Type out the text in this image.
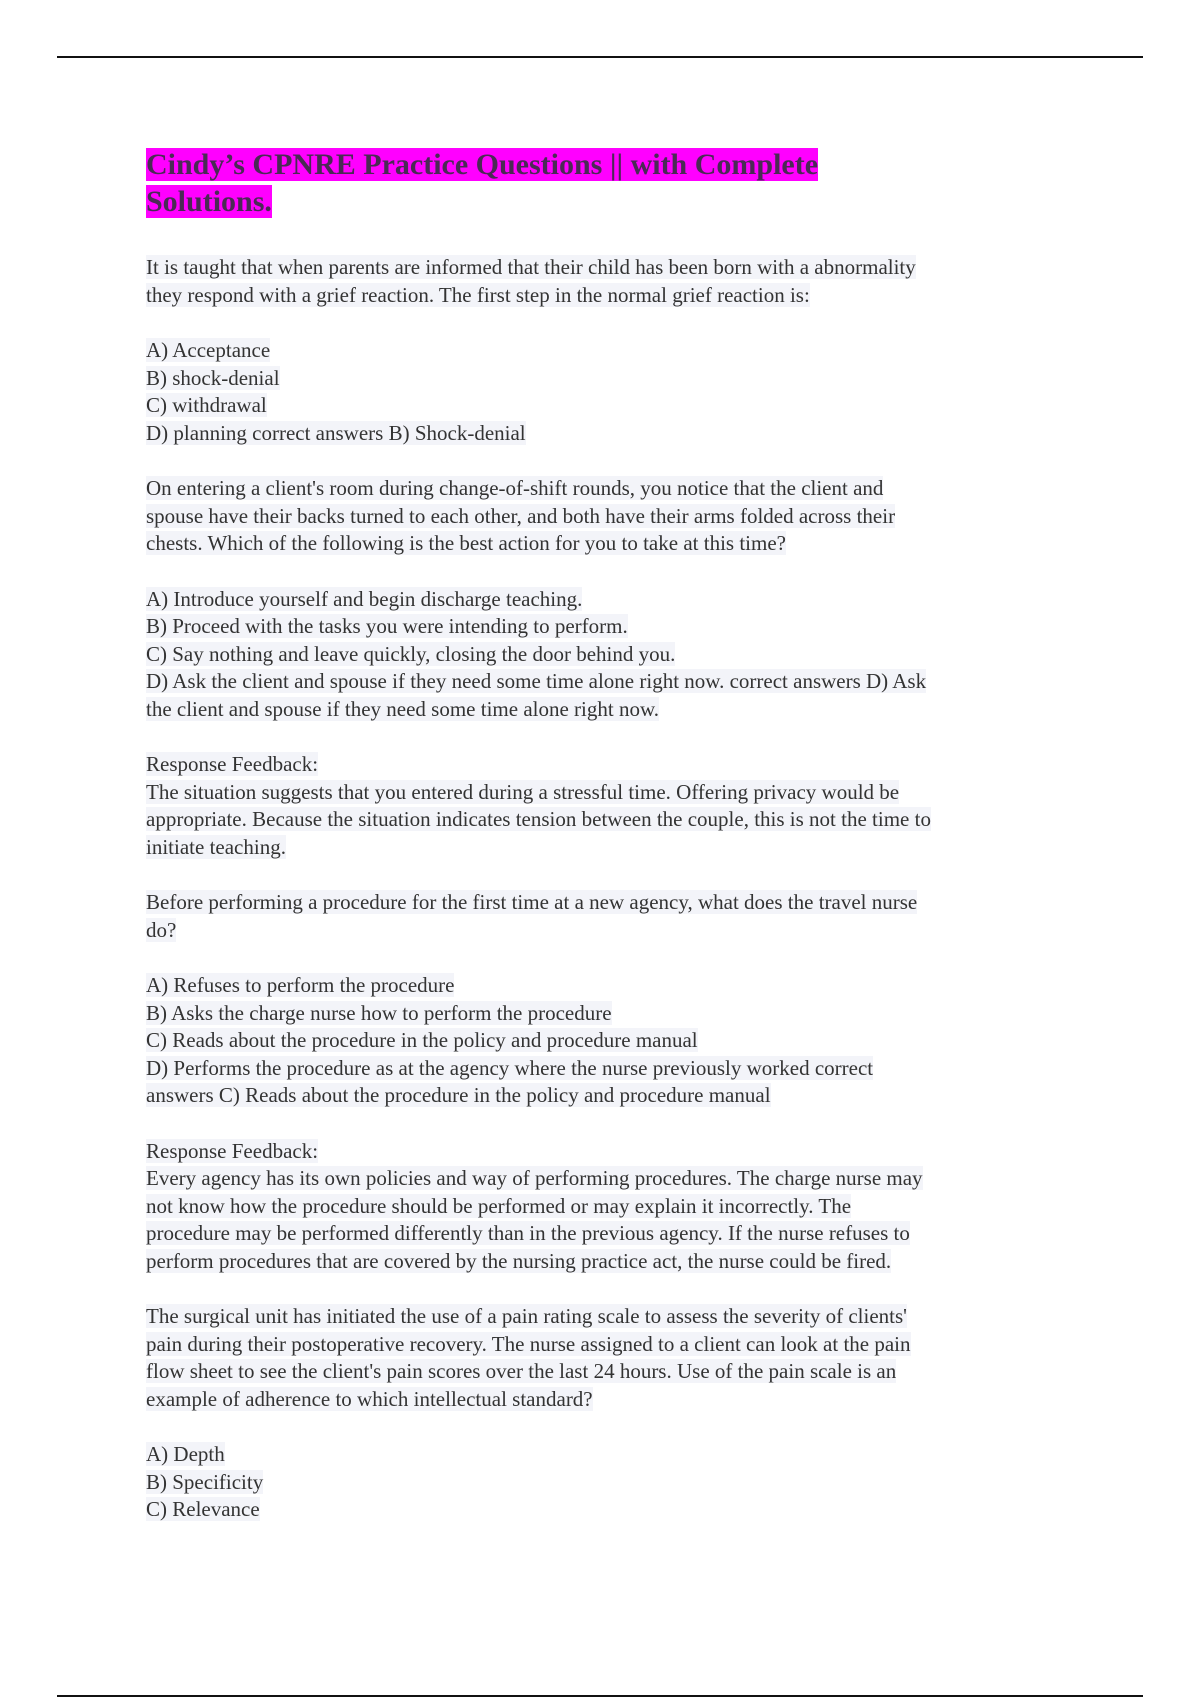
Cindy’s CPNRE Practice Questions || with Complete
Solutions.

It is taught that when parents are informed that their child has been born with a abnormality
they respond with a grief reaction. The first step in the normal grief reaction is:

A) Acceptance
B) shock-denial
C) withdrawal
D) planning correct answers B) Shock-denial

On entering a client's room during change-of-shift rounds, you notice that the client and
spouse have their backs turned to each other, and both have their arms folded across their
chests. Which of the following is the best action for you to take at this time?

A) Introduce yourself and begin discharge teaching.
B) Proceed with the tasks you were intending to perform.
C) Say nothing and leave quickly, closing the door behind you.
D) Ask the client and spouse if they need some time alone right now. correct answers D) Ask
the client and spouse if they need some time alone right now.

Response Feedback:
The situation suggests that you entered during a stressful time. Offering privacy would be
appropriate. Because the situation indicates tension between the couple, this is not the time to
initiate teaching.

Before performing a procedure for the first time at a new agency, what does the travel nurse
do?

A) Refuses to perform the procedure
B) Asks the charge nurse how to perform the procedure
C) Reads about the procedure in the policy and procedure manual
D) Performs the procedure as at the agency where the nurse previously worked correct
answers C) Reads about the procedure in the policy and procedure manual

Response Feedback:
Every agency has its own policies and way of performing procedures. The charge nurse may
not know how the procedure should be performed or may explain it incorrectly. The
procedure may be performed differently than in the previous agency. If the nurse refuses to
perform procedures that are covered by the nursing practice act, the nurse could be fired.

The surgical unit has initiated the use of a pain rating scale to assess the severity of clients'
pain during their postoperative recovery. The nurse assigned to a client can look at the pain
flow sheet to see the client's pain scores over the last 24 hours. Use of the pain scale is an
example of adherence to which intellectual standard?

A) Depth
B) Specificity
C) Relevance
